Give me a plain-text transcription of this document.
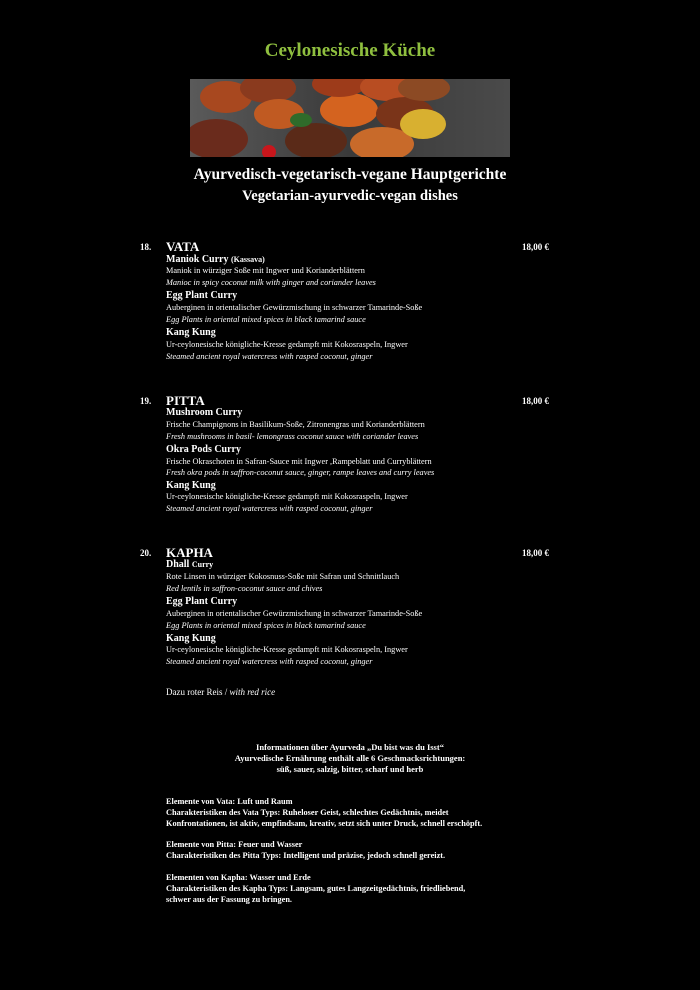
Ceylonesische Küche
Ayurvedisch-vegetarisch-vegane Hauptgerichte
Vegetarian-ayurvedic-vegan dishes
18. VATA	18,00 €
Maniok Curry (Kassava)
Maniok in würziger Soße mit Ingwer und Korianderblättern
Manioc in spicy coconut milk with ginger and coriander leaves
Egg Plant Curry
Auberginen in orientalischer Gewürzmischung in schwarzer Tamarinde-Soße
Egg Plants in oriental mixed spices in black tamarind sauce
Kang Kung
Ur-ceylonesische königliche-Kresse gedampft mit Kokosraspeln, Ingwer
Steamed ancient royal watercress with rasped coconut, ginger
19. PITTA	18,00 €
Mushroom Curry
Frische Champignons in Basilikum-Soße, Zitronengras und Korianderblättern
Fresh mushrooms in basil- lemongrass coconut sauce with coriander leaves
Okra Pods Curry
Frische Okraschoten in Safran-Sauce mit Ingwer ,Rampeblatt und Curryblättern
Fresh okra pods in saffron-coconut sauce, ginger, rampe leaves and curry leaves
Kang Kung
Ur-ceylonesische königliche-Kresse gedampft mit Kokosraspeln, Ingwer
Steamed ancient royal watercress with rasped coconut, ginger
20. KAPHA	18,00 €
Dhall Curry
Rote Linsen in würziger Kokosnuss-Soße mit Safran und Schnittlauch
Red lentils in saffron-coconut sauce and chives
Egg Plant Curry
Auberginen in orientalischer Gewürzmischung in schwarzer Tamarinde-Soße
Egg Plants in oriental mixed spices in black tamarind sauce
Kang Kung
Ur-ceylonesische königliche-Kresse gedampft mit Kokosraspeln, Ingwer
Steamed ancient royal watercress with rasped coconut, ginger
Dazu roter Reis / with red rice
Informationen über Ayurveda „Du bist was du Isst“
Ayurvedische Ernährung enthält alle 6 Geschmacksrichtungen:
süß, sauer, salzig, bitter, scharf und herb
Elemente von Vata: Luft und Raum
Charakteristiken des Vata Typs: Ruheloser Geist, schlechtes Gedächtnis, meidet
Konfrontationen, ist aktiv, empfindsam, kreativ, setzt sich unter Druck, schnell erschöpft.
Elemente von Pitta: Feuer und Wasser
Charakteristiken des Pitta Typs: Intelligent und präzise, jedoch schnell gereizt.
Elementen von Kapha: Wasser und Erde
Charakteristiken des Kapha Typs: Langsam, gutes Langzeitgedächtnis, friedliebend,
schwer aus der Fassung zu bringen.
